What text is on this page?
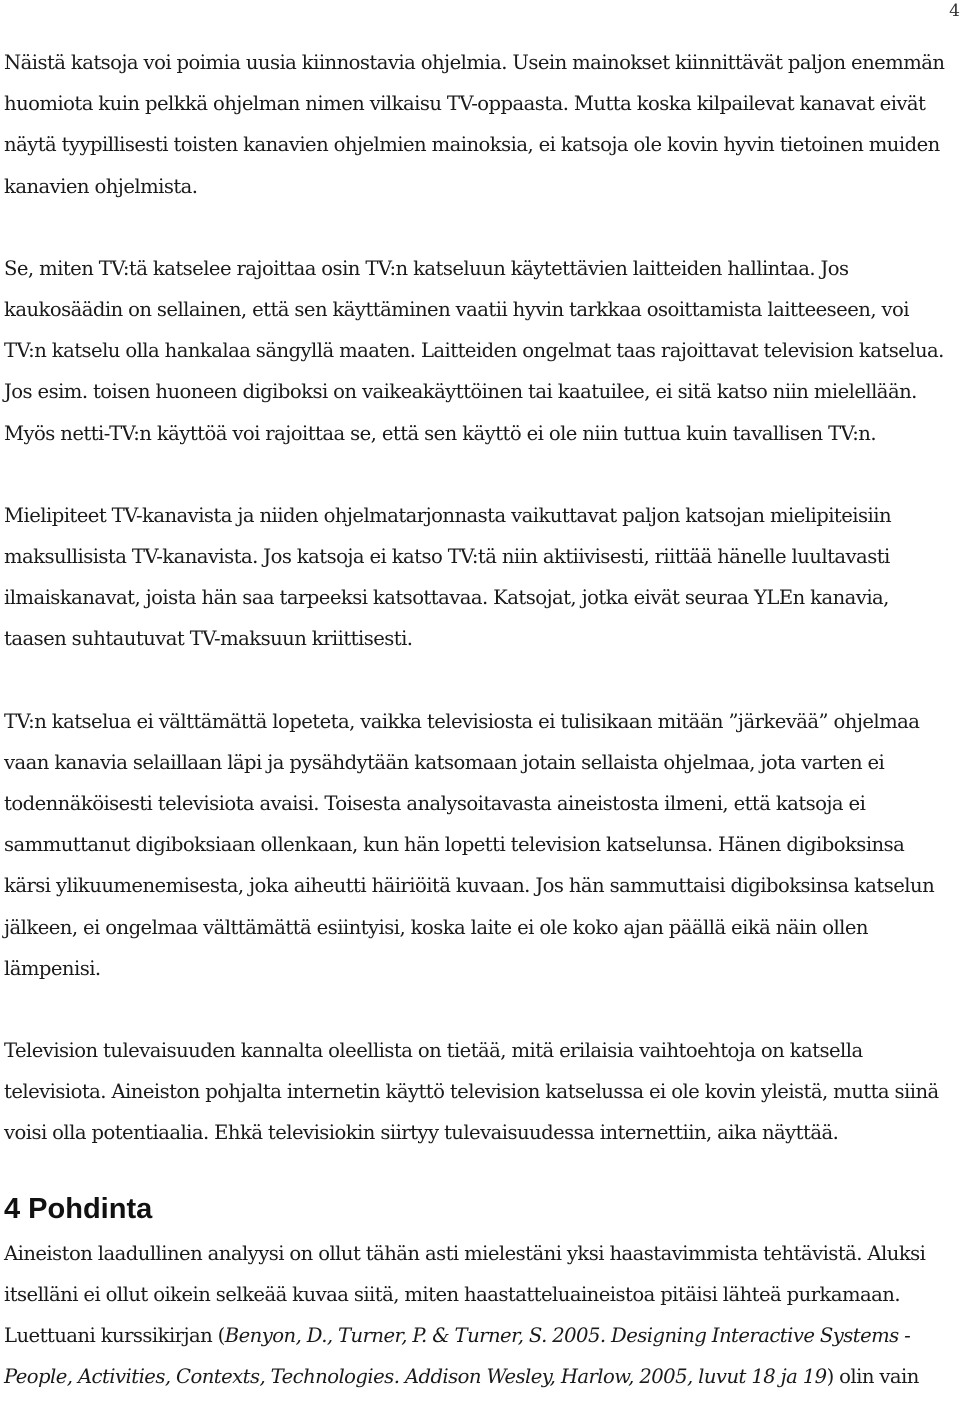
4

Näistä katsoja voi poimia uusia kiinnostavia ohjelmia. Usein mainokset kiinnittävät paljon enemmän huomiota kuin pelkkä ohjelman nimen vilkaisu TV-oppaasta. Mutta koska kilpailevat kanavat eivät näytä tyypillisesti toisten kanavien ohjelmien mainoksia, ei katsoja ole kovin hyvin tietoinen muiden kanavien ohjelmista.

Se, miten TV:tä katselee rajoittaa osin TV:n katseluun käytettävien laitteiden hallintaa. Jos kaukosäädin on sellainen, että sen käyttäminen vaatii hyvin tarkkaa osoittamista laitteeseen, voi TV:n katselu olla hankalaa sängyllä maaten. Laitteiden ongelmat taas rajoittavat television katselua. Jos esim. toisen huoneen digiboksi on vaikeakäyttöinen tai kaatuilee, ei sitä katso niin mielellään. Myös netti-TV:n käyttöä voi rajoittaa se, että sen käyttö ei ole niin tuttua kuin tavallisen TV:n.

Mielipiteet TV-kanavista ja niiden ohjelmatarjonnasta vaikuttavat paljon katsojan mielipiteisiin maksullisista TV-kanavista. Jos katsoja ei katso TV:tä niin aktiivisesti, riittää hänelle luultavasti ilmaiskanavat, joista hän saa tarpeeksi katsottavaa. Katsojat, jotka eivät seuraa YLEn kanavia, taasen suhtautuvat TV-maksuun kriittisesti.

TV:n katselua ei välttämättä lopeteta, vaikka televisiosta ei tulisikaan mitään ”järkevää” ohjelmaa vaan kanavia selaillaan läpi ja pysähdytään katsomaan jotain sellaista ohjelmaa, jota varten ei todennäköisesti televisiota avaisi. Toisesta analysoitavasta aineistosta ilmeni, että katsoja ei sammuttanut digiboksiaan ollenkaan, kun hän lopetti television katselunsa. Hänen digiboksinsa kärsi ylikuumenemisesta, joka aiheutti häiriöitä kuvaan. Jos hän sammuttaisi digiboksinsa katselun jälkeen, ei ongelmaa välttämättä esiintyisi, koska laite ei ole koko ajan päällä eikä näin ollen lämpenisi.

Television tulevaisuuden kannalta oleellista on tietää, mitä erilaisia vaihtoehtoja on katsella televisiota. Aineiston pohjalta internetin käyttö television katselussa ei ole kovin yleistä, mutta siinä voisi olla potentiaalia. Ehkä televisiokin siirtyy tulevaisuudessa internettiin, aika näyttää.

4 Pohdinta

Aineiston laadullinen analyysi on ollut tähän asti mielestäni yksi haastavimmista tehtävistä. Aluksi itselläni ei ollut oikein selkeää kuvaa siitä, miten haastatteluaineistoa pitäisi lähteä purkamaan. Luettuani kurssikirjan (Benyon, D., Turner, P. & Turner, S. 2005. Designing Interactive Systems - People, Activities, Contexts, Technologies. Addison Wesley, Harlow, 2005, luvut 18 ja 19) olin vain
